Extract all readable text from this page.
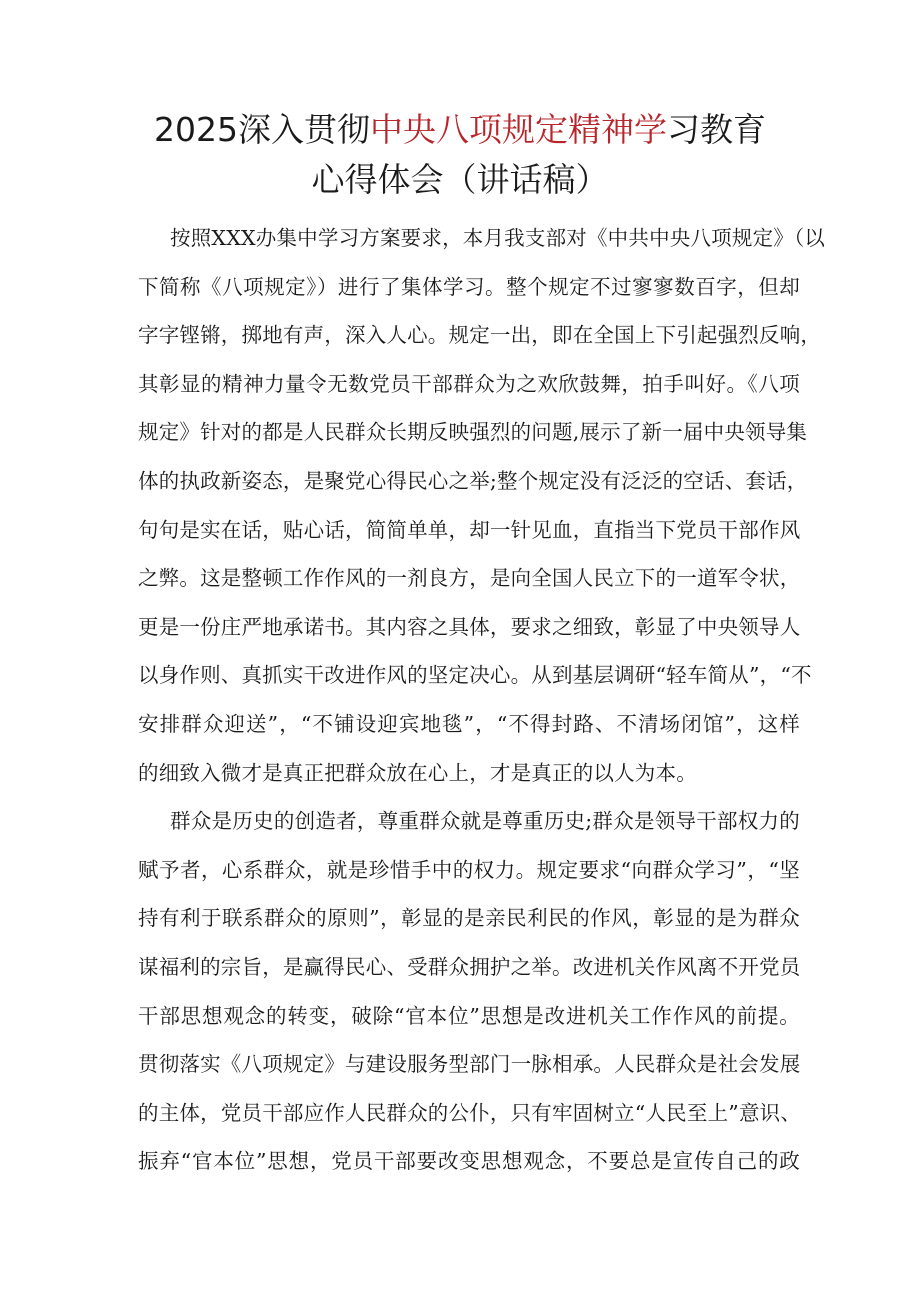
2025深入贯彻中央八项规定精神学习教育
心得体会（讲话稿）
按照XXX办集中学习方案要求，本月我支部对《中共中央八项规定》（以
下简称《八项规定》）进行了集体学习。整个规定不过寥寥数百字，但却
字字铿锵，掷地有声，深入人心。规定一出，即在全国上下引起强烈反响，
其彰显的精神力量令无数党员干部群众为之欢欣鼓舞，拍手叫好。《八项
规定》针对的都是人民群众长期反映强烈的问题,展示了新一届中央领导集
体的执政新姿态，是聚党心得民心之举;整个规定没有泛泛的空话、套话，
句句是实在话，贴心话，简简单单，却一针见血，直指当下党员干部作风
之弊。这是整顿工作作风的一剂良方，是向全国人民立下的一道军令状，
更是一份庄严地承诺书。其内容之具体，要求之细致，彰显了中央领导人
以身作则、真抓实干改进作风的坚定决心。从到基层调研“轻车简从”，“不
安排群众迎送”，“不铺设迎宾地毯”，“不得封路、不清场闭馆”，这样
的细致入微才是真正把群众放在心上，才是真正的以人为本。
群众是历史的创造者，尊重群众就是尊重历史;群众是领导干部权力的
赋予者，心系群众，就是珍惜手中的权力。规定要求“向群众学习”，“坚
持有利于联系群众的原则”，彰显的是亲民利民的作风，彰显的是为群众
谋福利的宗旨，是赢得民心、受群众拥护之举。改进机关作风离不开党员
干部思想观念的转变，破除“官本位”思想是改进机关工作作风的前提。
贯彻落实《八项规定》与建设服务型部门一脉相承。人民群众是社会发展
的主体，党员干部应作人民群众的公仆，只有牢固树立“人民至上”意识、
振弃“官本位”思想，党员干部要改变思想观念，不要总是宣传自己的政
